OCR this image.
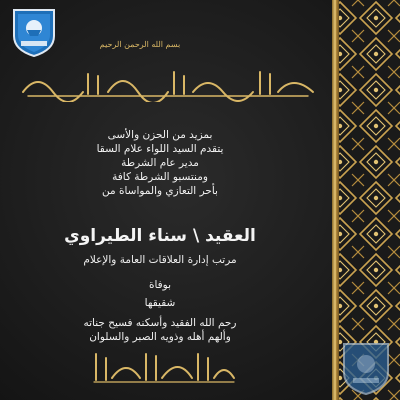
بسم الله الرحمن الرحيم
بمزيد من الحزن والأسى
يتقدم السيد اللواء علام السقا
مدير عام الشرطة
ومنتسبو الشرطة كافة
بأحر التعازي والمواساة من
العقيد \ سناء الطيراوي
مرتب إدارة العلاقات العامة والإعلام
بوفاة
شقيقها
رحم الله الفقيد وأسكنه فسيح جناته
وألهم أهله وذويه الصبر والسلوان
